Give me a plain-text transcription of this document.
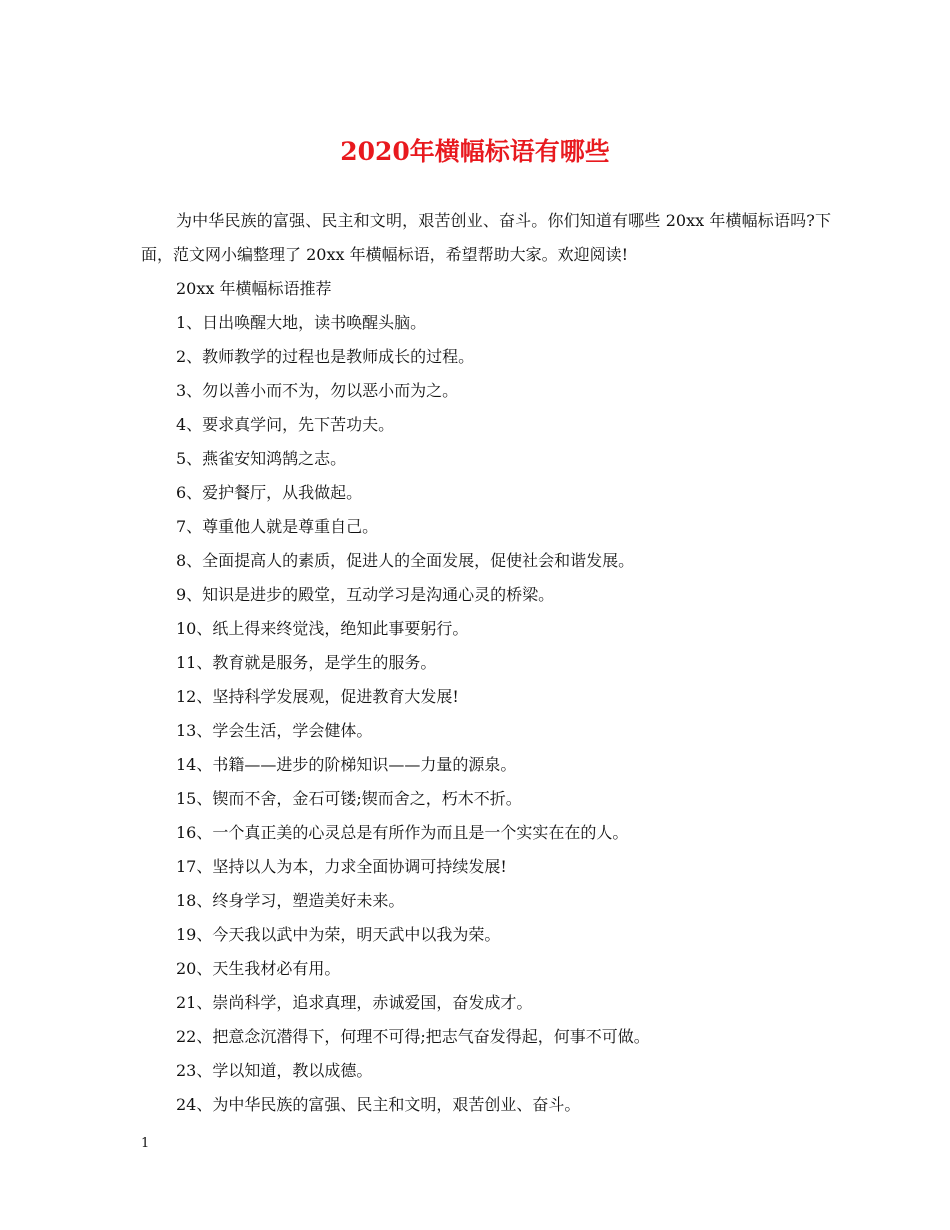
2020年横幅标语有哪些

为中华民族的富强、民主和文明，艰苦创业、奋斗。你们知道有哪些 20xx 年横幅标语吗?下面，范文网小编整理了 20xx 年横幅标语，希望帮助大家。欢迎阅读!

20xx 年横幅标语推荐

1、日出唤醒大地，读书唤醒头脑。
2、教师教学的过程也是教师成长的过程。
3、勿以善小而不为，勿以恶小而为之。
4、要求真学问，先下苦功夫。
5、燕雀安知鸿鹄之志。
6、爱护餐厅，从我做起。
7、尊重他人就是尊重自己。
8、全面提高人的素质，促进人的全面发展，促使社会和谐发展。
9、知识是进步的殿堂，互动学习是沟通心灵的桥梁。
10、纸上得来终觉浅，绝知此事要躬行。
11、教育就是服务，是学生的服务。
12、坚持科学发展观，促进教育大发展!
13、学会生活，学会健体。
14、书籍——进步的阶梯知识——力量的源泉。
15、锲而不舍，金石可镂;锲而舍之，朽木不折。
16、一个真正美的心灵总是有所作为而且是一个实实在在的人。
17、坚持以人为本，力求全面协调可持续发展!
18、终身学习，塑造美好未来。
19、今天我以武中为荣，明天武中以我为荣。
20、天生我材必有用。
21、崇尚科学，追求真理，赤诚爱国，奋发成才。
22、把意念沉潜得下，何理不可得;把志气奋发得起，何事不可做。
23、学以知道，教以成德。
24、为中华民族的富强、民主和文明，艰苦创业、奋斗。
1
